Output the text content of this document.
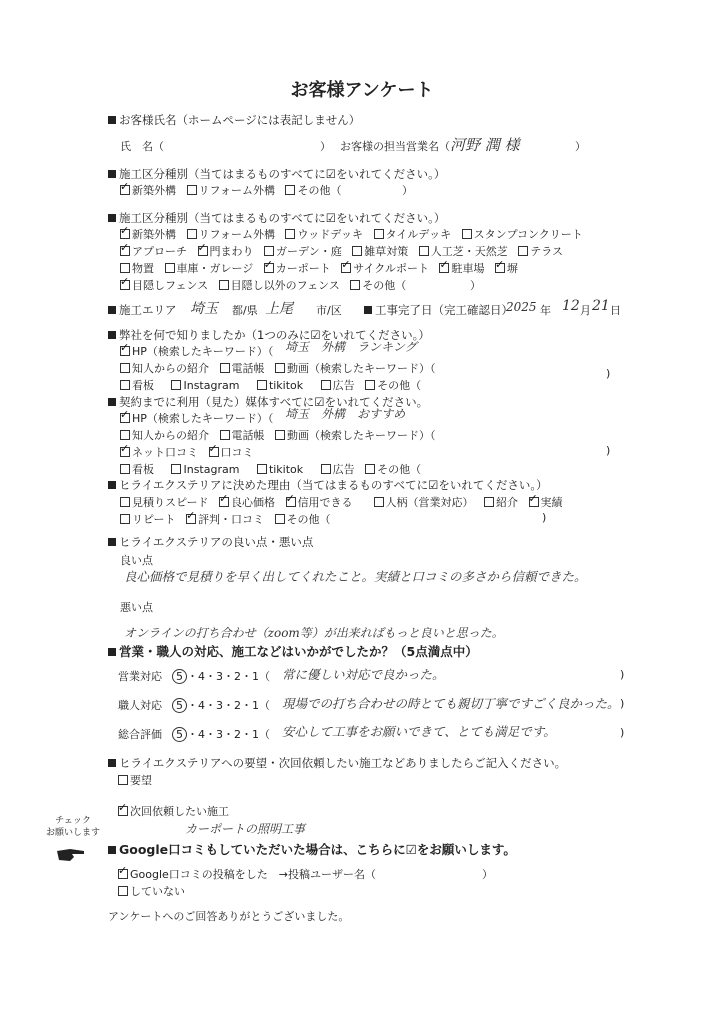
お客様アンケート
お客様氏名（ホームページには表記しません）
氏　名（	） お客様の担当営業名（ 河野 潤 様	）
施工区分種別（当てはまるものすべてに☑をいれてください。）
✓新築外構 リフォーム外構 その他（	）
施工区分種別（当てはまるものすべてに☑をいれてください。）
✓新築外構 リフォーム外構 ウッドデッキ タイルデッキ スタンプコンクリート
✓アプローチ ✓ 門まわり ガーデン・庭 雑草対策 人工芝・天然芝 テラス
物置 車庫・ガレージ ✓ カーポート ✓ サイクルポート ✓ 駐車場 ✓ 塀
✓目隠しフェンス 目隠し以外のフェンス その他（	）
施工エリア 埼玉 都/県 上尾 市/区	工事完了日（完工確認日）
2025 年 12 月 21 日
弊社を何で知りましたか（1つのみに☑をいれてください。）
✓HP（検索したキーワード）（ 埼玉　外構　ランキング
知人からの紹介 電話帳 動画（検索したキーワード）（
看板	Instagram	tikitok	広告 その他（
)
契約までに利用（見た）媒体すべてに☑をいれてください。
✓HP（検索したキーワード）（ 埼玉　外構　おすすめ
知人からの紹介 電話帳 動画（検索したキーワード）（
✓ネット口コミ ✓ 口コミ
看板	Instagram	tikitok	広告 その他（
)
ヒライエクステリアに決めた理由（当てはまるものすべてに☑をいれてください。）
見積りスピード ✓ 良心価格 ✓ 信用できる	人柄（営業対応） 紹介 ✓ 実績
リピート ✓ 評判・口コミ その他（	)
ヒライエクステリアの良い点・悪い点
良い点
良心価格で見積りを早く出してくれたこと。実績と口コミの多さから信頼できた。
悪い点
オンラインの打ち合わせ（zoom等）が出来ればもっと良いと思った。
営業・職人の対応、施工などはいかがでしたか？（5点満点中）
営業対応	5 ・4・3・2・1（ 常に優しい対応で良かった。	)
職人対応	5 ・4・3・2・1（ 現場での打ち合わせの時とても親切丁寧ですごく良かった。 )
総合評価	5 ・4・3・2・1（ 安心して工事をお願いできて、とても満足です。	)
ヒライエクステリアへの要望・次回依頼したい施工などありましたらご記入ください。
要望
✓次回依頼したい施工
カーポートの照明工事
チェック
お願いします
Google口コミもしていただいた場合は、こちらに☑をお願いします。
✓Google口コミの投稿をした　→投稿ユーザー名（	）
していない
アンケートへのご回答ありがとうございました。
